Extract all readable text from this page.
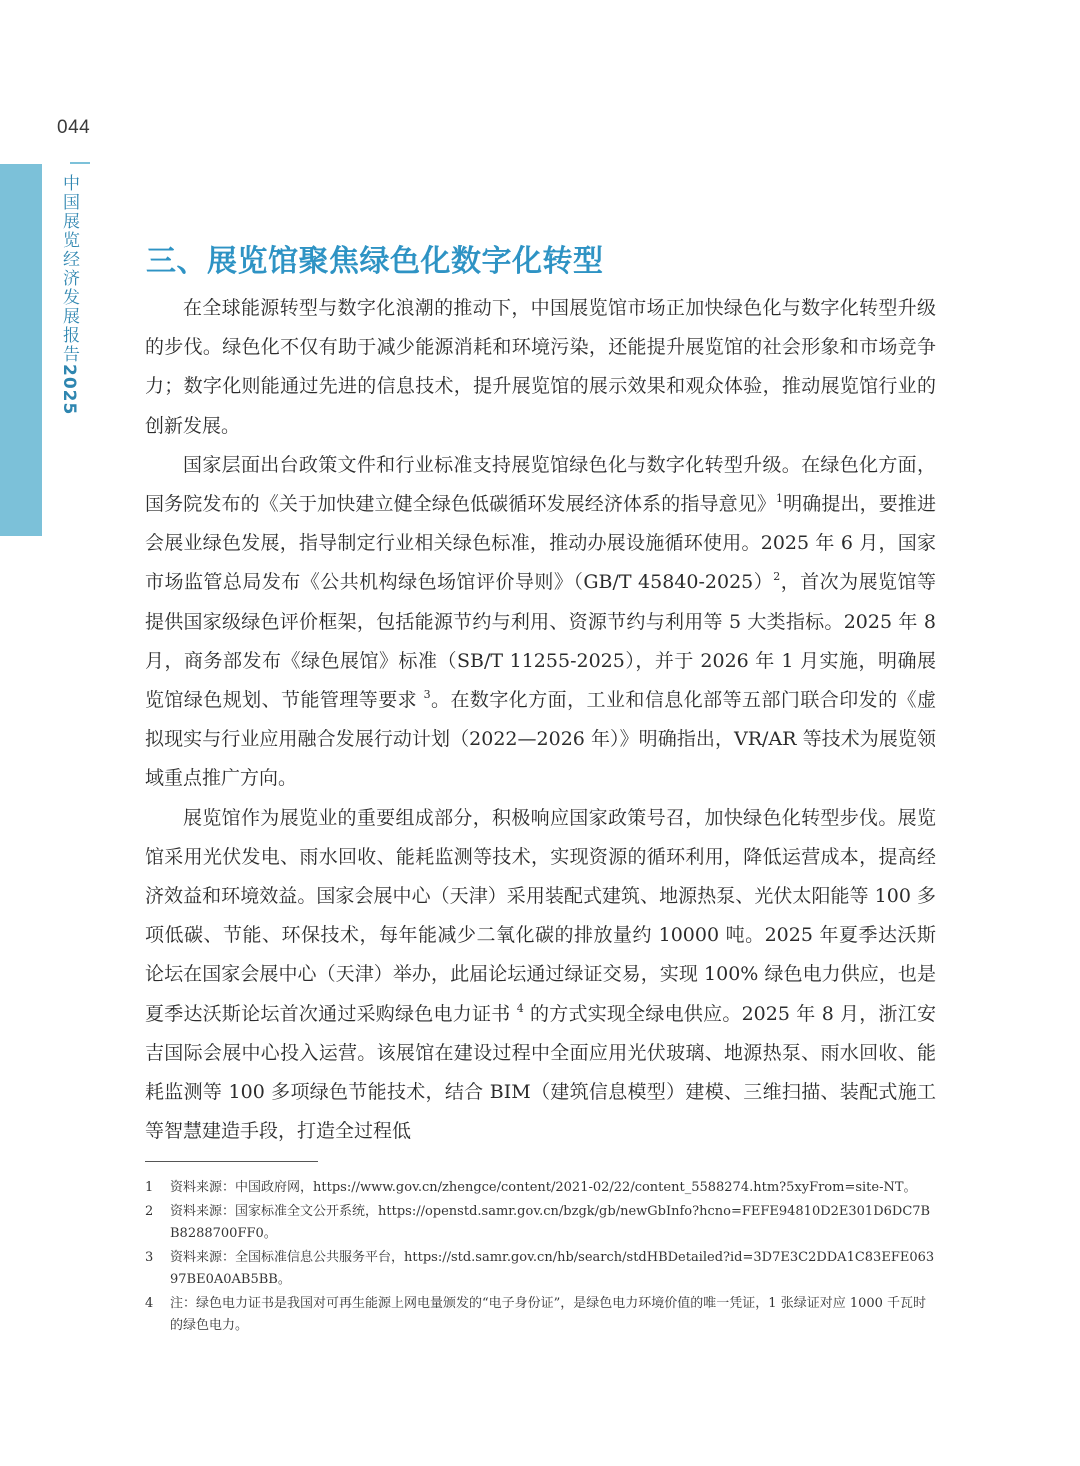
044
中国展览经济发展报告2025
三、展览馆聚焦绿色化数字化转型

在全球能源转型与数字化浪潮的推动下，中国展览馆市场正加快绿色化与数字化转型升级的步伐。绿色化不仅有助于减少能源消耗和环境污染，还能提升展览馆的社会形象和市场竞争力；数字化则能通过先进的信息技术，提升展览馆的展示效果和观众体验，推动展览馆行业的创新发展。

国家层面出台政策文件和行业标准支持展览馆绿色化与数字化转型升级。在绿色化方面，国务院发布的《关于加快建立健全绿色低碳循环发展经济体系的指导意见》$^1$明确提出，要推进会展业绿色发展，指导制定行业相关绿色标准，推动办展设施循环使用。2025 年 6 月，国家市场监管总局发布《公共机构绿色场馆评价导则》（GB/T 45840-2025）$^2$，首次为展览馆等提供国家级绿色评价框架，包括能源节约与利用、资源节约与利用等 5 大类指标。2025 年 8 月，商务部发布《绿色展馆》标准（SB/T 11255-2025），并于 2026 年 1 月实施，明确展览馆绿色规划、节能管理等要求 $^3$。在数字化方面，工业和信息化部等五部门联合印发的《虚拟现实与行业应用融合发展行动计划（2022—2026 年）》明确指出，VR/AR 等技术为展览领域重点推广方向。

展览馆作为展览业的重要组成部分，积极响应国家政策号召，加快绿色化转型步伐。展览馆采用光伏发电、雨水回收、能耗监测等技术，实现资源的循环利用，降低运营成本，提高经济效益和环境效益。国家会展中心（天津）采用装配式建筑、地源热泵、光伏太阳能等 100 多项低碳、节能、环保技术，每年能减少二氧化碳的排放量约 10000 吨。2025 年夏季达沃斯论坛在国家会展中心（天津）举办，此届论坛通过绿证交易，实现 100% 绿色电力供应，也是夏季达沃斯论坛首次通过采购绿色电力证书 $^4$ 的方式实现全绿电供应。2025 年 8 月，浙江安吉国际会展中心投入运营。该展馆在建设过程中全面应用光伏玻璃、地源热泵、雨水回收、能耗监测等 100 多项绿色节能技术，结合 BIM（建筑信息模型）建模、三维扫描、装配式施工等智慧建造手段，打造全过程低

1 资料来源：中国政府网，https://www.gov.cn/zhengce/content/2021-02/22/content_5588274.htm?5xyFrom=site-NT。
2 资料来源：国家标准全文公开系统，https://openstd.samr.gov.cn/bzgk/gb/newGbInfo?hcno=FEFE94810D2E301D6DC7BB8288700FF0。
3 资料来源：全国标准信息公共服务平台，https://std.samr.gov.cn/hb/search/stdHBDetailed?id=3D7E3C2DDA1C83EFE06397BE0A0AB5BB。
4 注：绿色电力证书是我国对可再生能源上网电量颁发的“电子身份证”，是绿色电力环境价值的唯一凭证，1 张绿证对应 1000 千瓦时的绿色电力。
